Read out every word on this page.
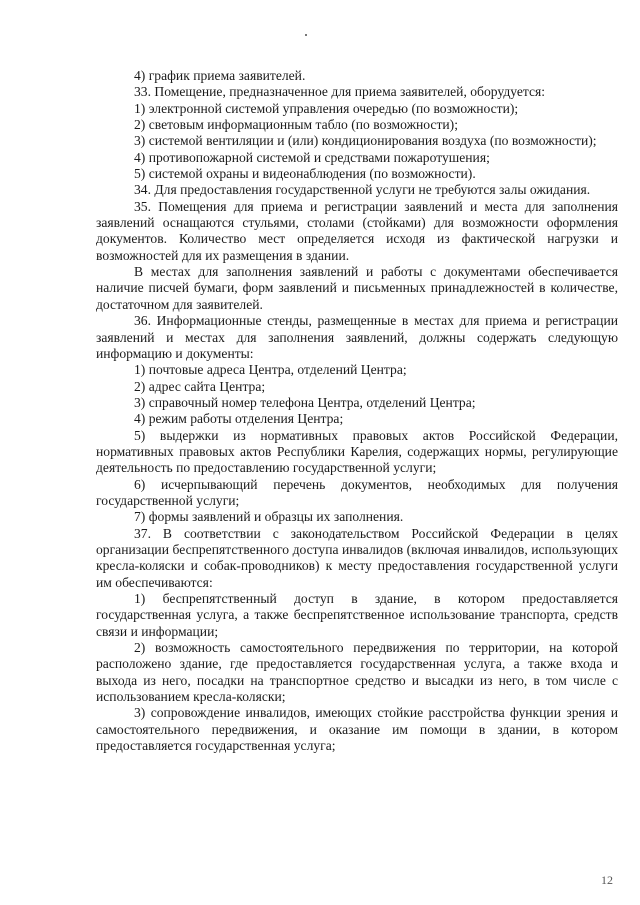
4) график приема заявителей.

33. Помещение, предназначенное для приема заявителей, оборудуется:

1) электронной системой управления очередью (по возможности);

2) световым информационным табло (по возможности);

3) системой вентиляции и (или) кондиционирования воздуха (по возможности);

4) противопожарной системой и средствами пожаротушения;

5) системой охраны и видеонаблюдения (по возможности).

34. Для предоставления государственной услуги не требуются залы ожидания.

35. Помещения для приема и регистрации заявлений и места для заполнения заявлений оснащаются стульями, столами (стойками) для возможности оформления документов. Количество мест определяется исходя из фактической нагрузки и возможностей для их размещения в здании.

В местах для заполнения заявлений и работы с документами обеспечивается наличие писчей бумаги, форм заявлений и письменных принадлежностей в количестве, достаточном для заявителей.

36. Информационные стенды, размещенные в местах для приема и регистрации заявлений и местах для заполнения заявлений, должны содержать следующую информацию и документы:

1) почтовые адреса Центра, отделений Центра;

2) адрес сайта Центра;

3) справочный номер телефона Центра, отделений Центра;

4) режим работы отделения Центра;

5) выдержки из нормативных правовых актов Российской Федерации, нормативных правовых актов Республики Карелия, содержащих нормы, регулирующие деятельность по предоставлению государственной услуги;

6) исчерпывающий перечень документов, необходимых для получения государственной услуги;

7) формы заявлений и образцы их заполнения.

37. В соответствии с законодательством Российской Федерации в целях организации беспрепятственного доступа инвалидов (включая инвалидов, использующих кресла-коляски и собак-проводников) к месту предоставления государственной услуги им обеспечиваются:

1) беспрепятственный доступ в здание, в котором предоставляется государственная услуга, а также беспрепятственное использование транспорта, средств связи и информации;

2) возможность самостоятельного передвижения по территории, на которой расположено здание, где предоставляется государственная услуга, а также входа и выхода из него, посадки на транспортное средство и высадки из него, в том числе с использованием кресла-коляски;

3) сопровождение инвалидов, имеющих стойкие расстройства функции зрения и самостоятельного передвижения, и оказание им помощи в здании, в котором предоставляется государственная услуга;

12
